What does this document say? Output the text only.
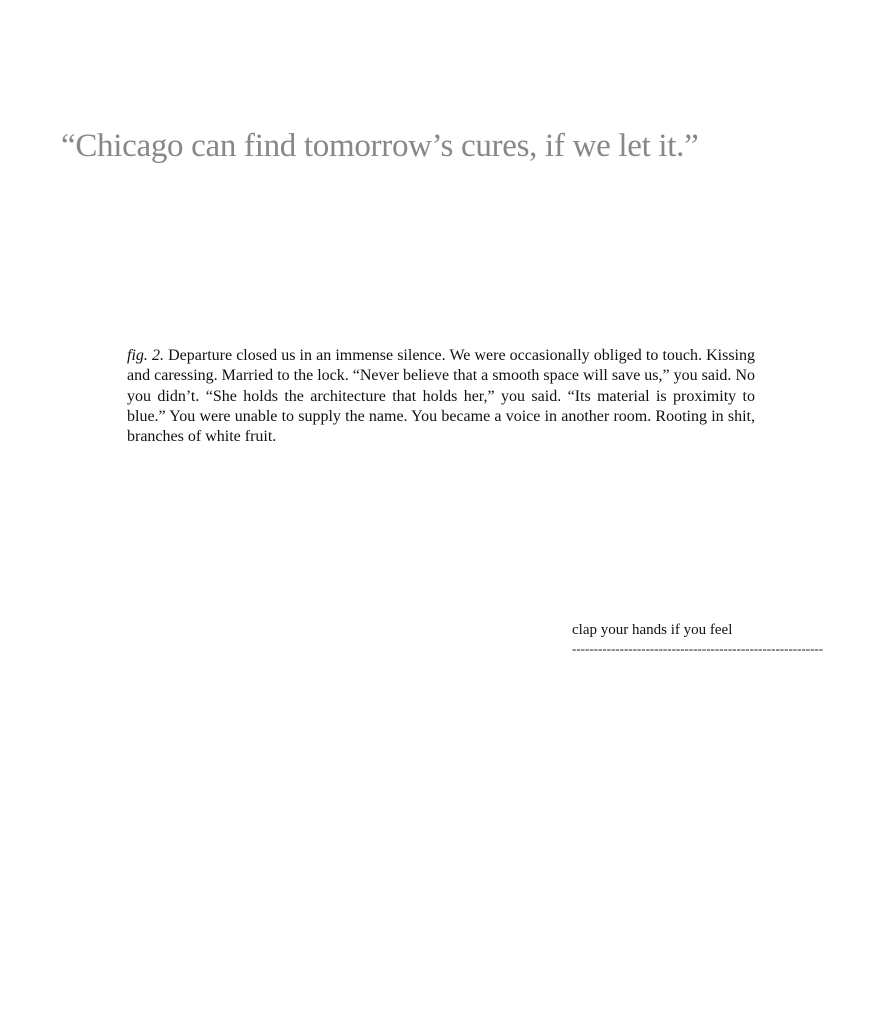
“Chicago can find tomorrow’s cures, if we let it.”

fig. 2. Departure closed us in an immense silence. We were occasionally obliged to touch. Kissing and caressing. Married to the lock. “Never believe that a smooth space will save us,” you said. No you didn’t. “She holds the architecture that holds her,” you said. “Its material is proximity to blue.” You were unable to supply the name. You became a voice in another room. Rooting in shit, branches of white fruit.

clap your hands if you feel

----------------------------------------------------------
